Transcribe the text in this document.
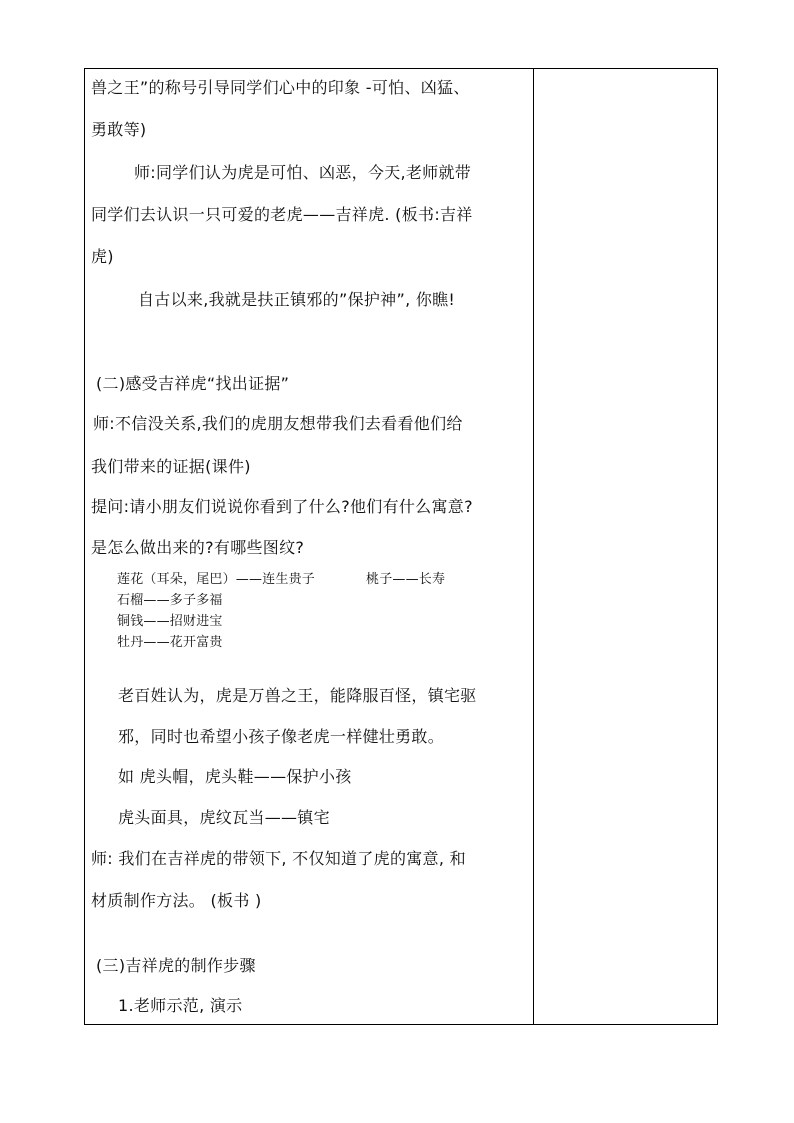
兽之王”的称号引导同学们心中的印象 -可怕、凶猛、
勇敢等)
师:同学们认为虎是可怕、凶恶，今天,老师就带
同学们去认识一只可爱的老虎——吉祥虎. (板书:吉祥
虎)
自古以来,我就是扶正镇邪的”保护神”, 你瞧!
(二)感受吉祥虎“找出证据”
师:不信没关系,我们的虎朋友想带我们去看看他们给
我们带来的证据(课件)
提问:请小朋友们说说你看到了什么?他们有什么寓意?
是怎么做出来的?有哪些图纹?
莲花（耳朵，尾巴）——连生贵子	桃子——长寿
石榴——多子多福
铜钱——招财进宝
牡丹——花开富贵
老百姓认为，虎是万兽之王，能降服百怪，镇宅驱
邪，同时也希望小孩子像老虎一样健壮勇敢。
如 虎头帽，虎头鞋——保护小孩
虎头面具，虎纹瓦当——镇宅
师: 我们在吉祥虎的带领下, 不仅知道了虎的寓意, 和
材质制作方法。 (板书 )
(三)吉祥虎的制作步骤
1.老师示范, 演示
